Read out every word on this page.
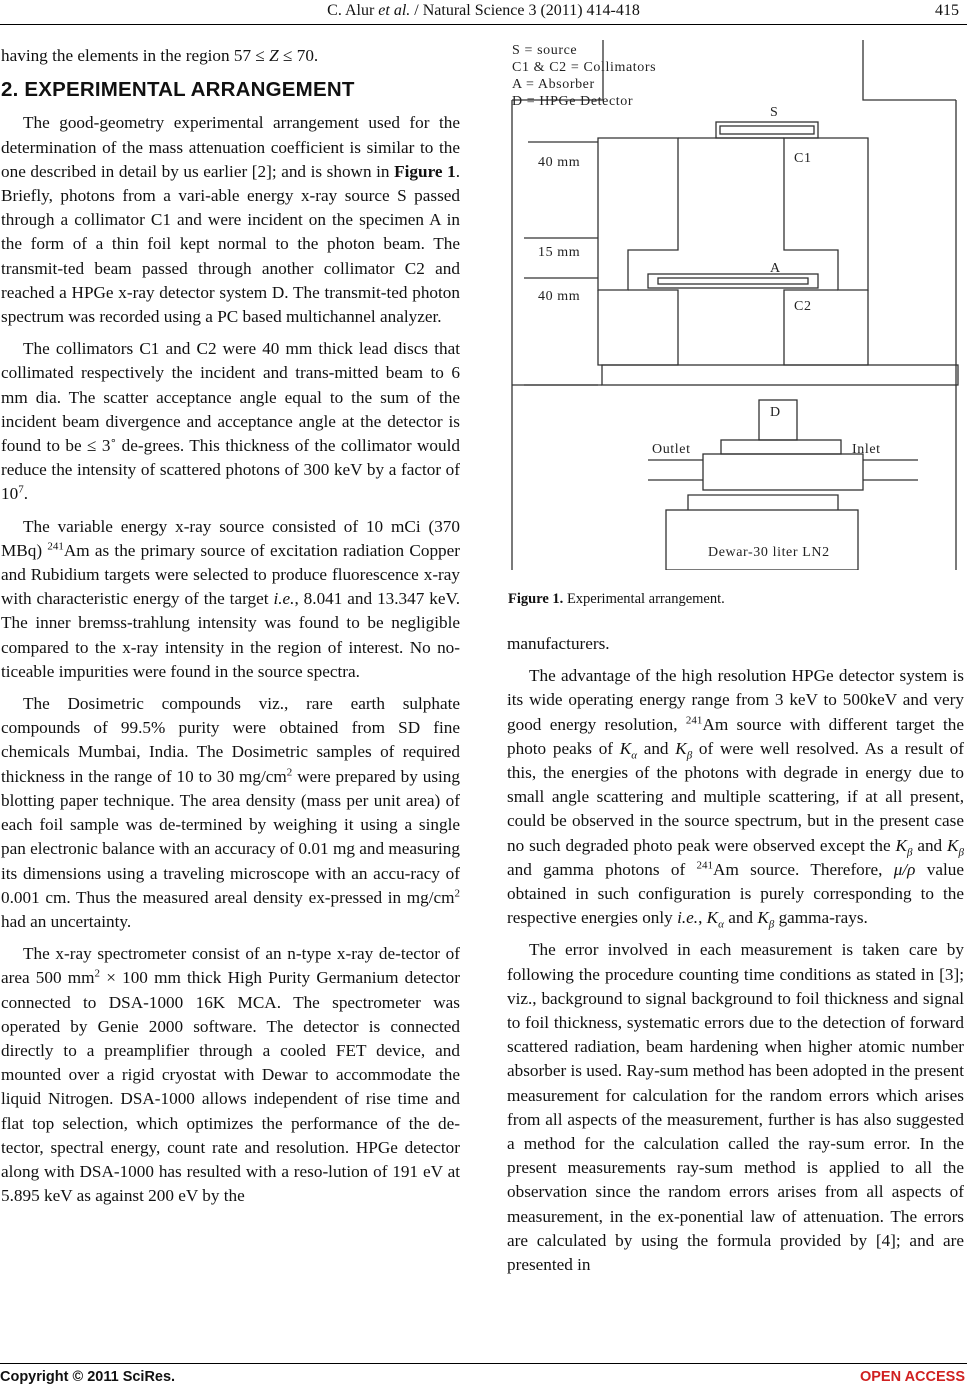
C. Alur et al. / Natural Science 3 (2011) 414-418	415

having the elements in the region 57 ≤ Z ≤ 70.

2. EXPERIMENTAL ARRANGEMENT

The good-geometry experimental arrangement used for the determination of the mass attenuation coefficient is similar to the one described in detail by us earlier [2]; and is shown in Figure 1. Briefly, photons from a vari-able energy x-ray source S passed through a collimator C1 and were incident on the specimen A in the form of a thin foil kept normal to the photon beam. The transmit-ted beam passed through another collimator C2 and reached a HPGe x-ray detector system D. The transmit-ted photon spectrum was recorded using a PC based multichannel analyzer.

The collimators C1 and C2 were 40 mm thick lead discs that collimated respectively the incident and trans-mitted beam to 6 mm dia. The scatter acceptance angle equal to the sum of the incident beam divergence and acceptance angle at the detector is found to be ≤ 3˚ de-grees. This thickness of the collimator would reduce the intensity of scattered photons of 300 keV by a factor of $10^7$.

The variable energy x-ray source consisted of 10 mCi (370 MBq) $^{241}$Am as the primary source of excitation radiation Copper and Rubidium targets were selected to produce fluorescence x-ray with characteristic energy of the target i.e., 8.041 and 13.347 keV. The inner bremss-trahlung intensity was found to be negligible compared to the x-ray intensity in the region of interest. No no-ticeable impurities were found in the source spectra.

The Dosimetric compounds viz., rare earth sulphate compounds of 99.5% purity were obtained from SD fine chemicals Mumbai, India. The Dosimetric samples of required thickness in the range of 10 to 30 $mg/cm^2$ were prepared by using blotting paper technique. The area density (mass per unit area) of each foil sample was de-termined by weighing it using a single pan electronic balance with an accuracy of 0.01 mg and measuring its dimensions using a traveling microscope with an accu-racy of 0.001 cm. Thus the measured areal density ex-pressed in $mg/cm^2$ had an uncertainty.

The x-ray spectrometer consist of an n-type x-ray de-tector of area 500 $mm^2 \times 100$ mm thick High Purity Germanium detector connected to DSA-1000 16K MCA. The spectrometer was operated by Genie 2000 software. The detector is connected directly to a preamplifier through a cooled FET device, and mounted over a rigid cryostat with Dewar to accommodate the liquid Nitrogen. DSA-1000 allows independent of rise time and flat top selection, which optimizes the performance of the de-tector, spectral energy, count rate and resolution. HPGe detector along with DSA-1000 has resulted with a reso-lution of 191 eV at 5.895 keV as against 200 eV by the

S = source
C1 & C2 = Collimators
A = Absorber
D = HPGe Detector
S
C1
A
C2
D
Outlet	Inlet
Dewar-30 liter LN2
40 mm
15 mm
40 mm
Figure 1. Experimental arrangement.

manufacturers.

The advantage of the high resolution HPGe detector system is its wide operating energy range from 3 keV to 500keV and very good energy resolution, $^{241}$Am source with different target the photo peaks of $K_\alpha$ and $K_\beta$ of were well resolved. As a result of this, the energies of the photons with degrade in energy due to small angle scattering and multiple scattering, if at all present, could be observed in the source spectrum, but in the present case no such degraded photo peak were observed except the $K_\beta$ and $K_\beta$ and gamma photons of $^{241}$Am source. Therefore, μ/ρ value obtained in such configuration is purely corresponding to the respective energies only i.e., $K_\alpha$ and $K_\beta$ gamma-rays.

The error involved in each measurement is taken care by following the procedure counting time conditions as stated in [3]; viz., background to signal background to foil thickness and signal to foil thickness, systematic errors due to the detection of forward scattered radiation, beam hardening when higher atomic number absorber is used. Ray-sum method has been adopted in the present measurement for calculation for the random errors which arises from all aspects of the measurement, further is has also suggested a method for the calculation called the ray-sum error. In the present measurements ray-sum method is applied to all the observation since the random errors arises from all aspects of measurement, in the ex-ponential law of attenuation. The errors are calculated by using the formula provided by [4]; and are presented in

Copyright © 2011 SciRes.	OPEN ACCESS
